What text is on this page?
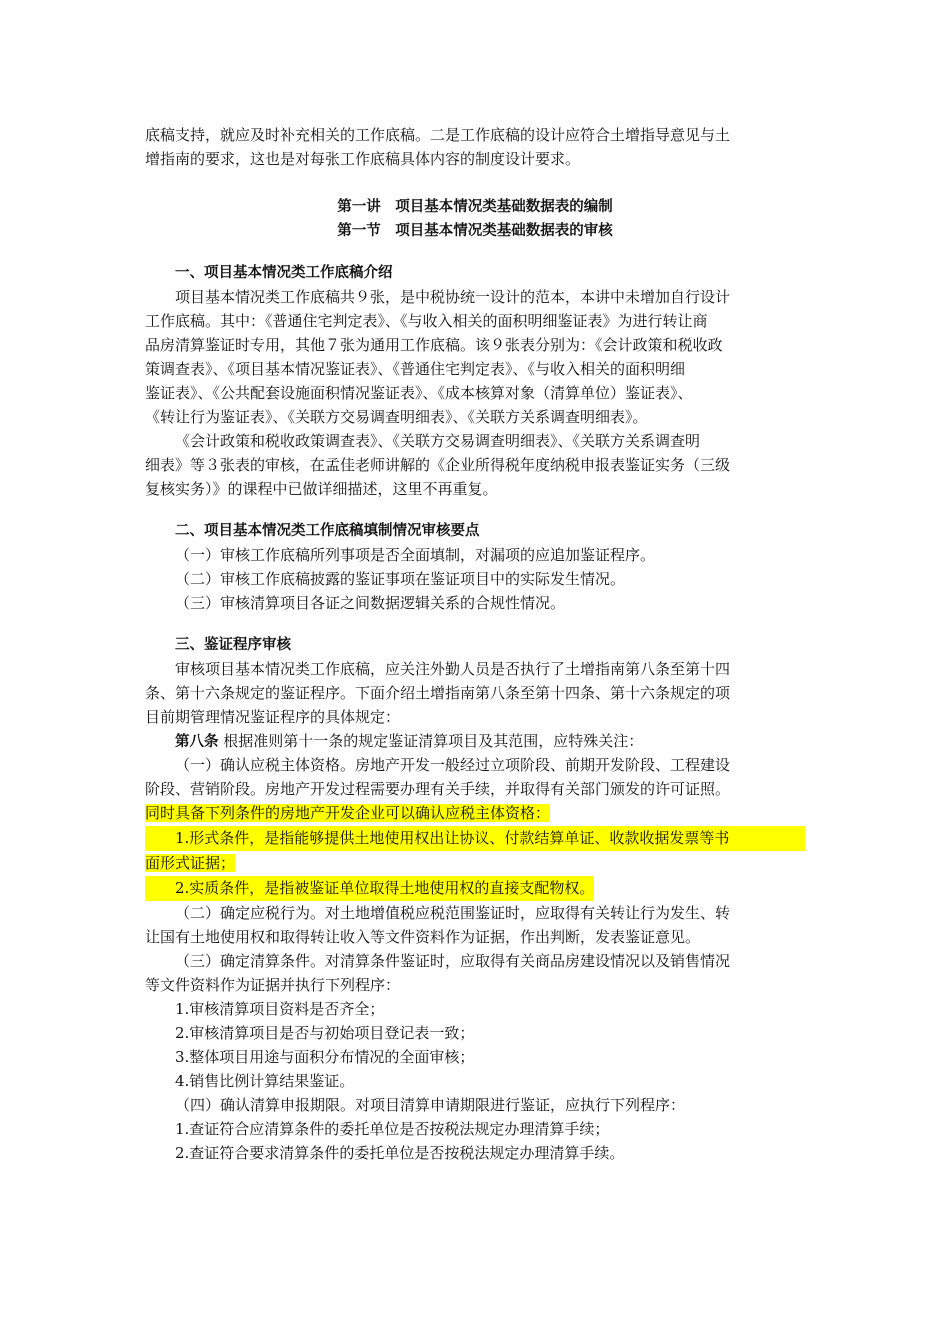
底稿支持，就应及时补充相关的工作底稿。二是工作底稿的设计应符合土增指导意见与土
增指南的要求，这也是对每张工作底稿具体内容的制度设计要求。
第一讲　项目基本情况类基础数据表的编制
第一节　项目基本情况类基础数据表的审核
一、项目基本情况类工作底稿介绍
项目基本情况类工作底稿共９张，是中税协统一设计的范本，本讲中未增加自行设计
工作底稿。其中：《普通住宅判定表》、《与收入相关的面积明细鉴证表》为进行转让商
品房清算鉴证时专用，其他７张为通用工作底稿。该９张表分别为：《会计政策和税收政
策调查表》、《项目基本情况鉴证表》、《普通住宅判定表》、《与收入相关的面积明细
鉴证表》、《公共配套设施面积情况鉴证表》、《成本核算对象（清算单位）鉴证表》、
《转让行为鉴证表》、《关联方交易调查明细表》、《关联方关系调查明细表》。
《会计政策和税收政策调查表》、《关联方交易调查明细表》、《关联方关系调查明
细表》等３张表的审核，在孟佳老师讲解的《企业所得税年度纳税申报表鉴证实务（三级
复核实务）》的课程中已做详细描述，这里不再重复。
二、项目基本情况类工作底稿填制情况审核要点
（一）审核工作底稿所列事项是否全面填制，对漏项的应追加鉴证程序。
（二）审核工作底稿披露的鉴证事项在鉴证项目中的实际发生情况。
（三）审核清算项目各证之间数据逻辑关系的合规性情况。
三、鉴证程序审核
审核项目基本情况类工作底稿，应关注外勤人员是否执行了土增指南第八条至第十四
条、第十六条规定的鉴证程序。下面介绍土增指南第八条至第十四条、第十六条规定的项
目前期管理情况鉴证程序的具体规定：
第八条 根据准则第十一条的规定鉴证清算项目及其范围，应特殊关注：
（一）确认应税主体资格。房地产开发一般经过立项阶段、前期开发阶段、工程建设
阶段、营销阶段。房地产开发过程需要办理有关手续，并取得有关部门颁发的许可证照。
同时具备下列条件的房地产开发企业可以确认应税主体资格：
1.形式条件，是指能够提供土地使用权出让协议、付款结算单证、收款收据发票等书
面形式证据；
2.实质条件，是指被鉴证单位取得土地使用权的直接支配物权。
（二）确定应税行为。对土地增值税应税范围鉴证时，应取得有关转让行为发生、转
让国有土地使用权和取得转让收入等文件资料作为证据，作出判断，发表鉴证意见。
（三）确定清算条件。对清算条件鉴证时，应取得有关商品房建设情况以及销售情况
等文件资料作为证据并执行下列程序：
1.审核清算项目资料是否齐全；
2.审核清算项目是否与初始项目登记表一致；
3.整体项目用途与面积分布情况的全面审核；
4.销售比例计算结果鉴证。
（四）确认清算申报期限。对项目清算申请期限进行鉴证，应执行下列程序：
1.查证符合应清算条件的委托单位是否按税法规定办理清算手续；
2.查证符合要求清算条件的委托单位是否按税法规定办理清算手续。
